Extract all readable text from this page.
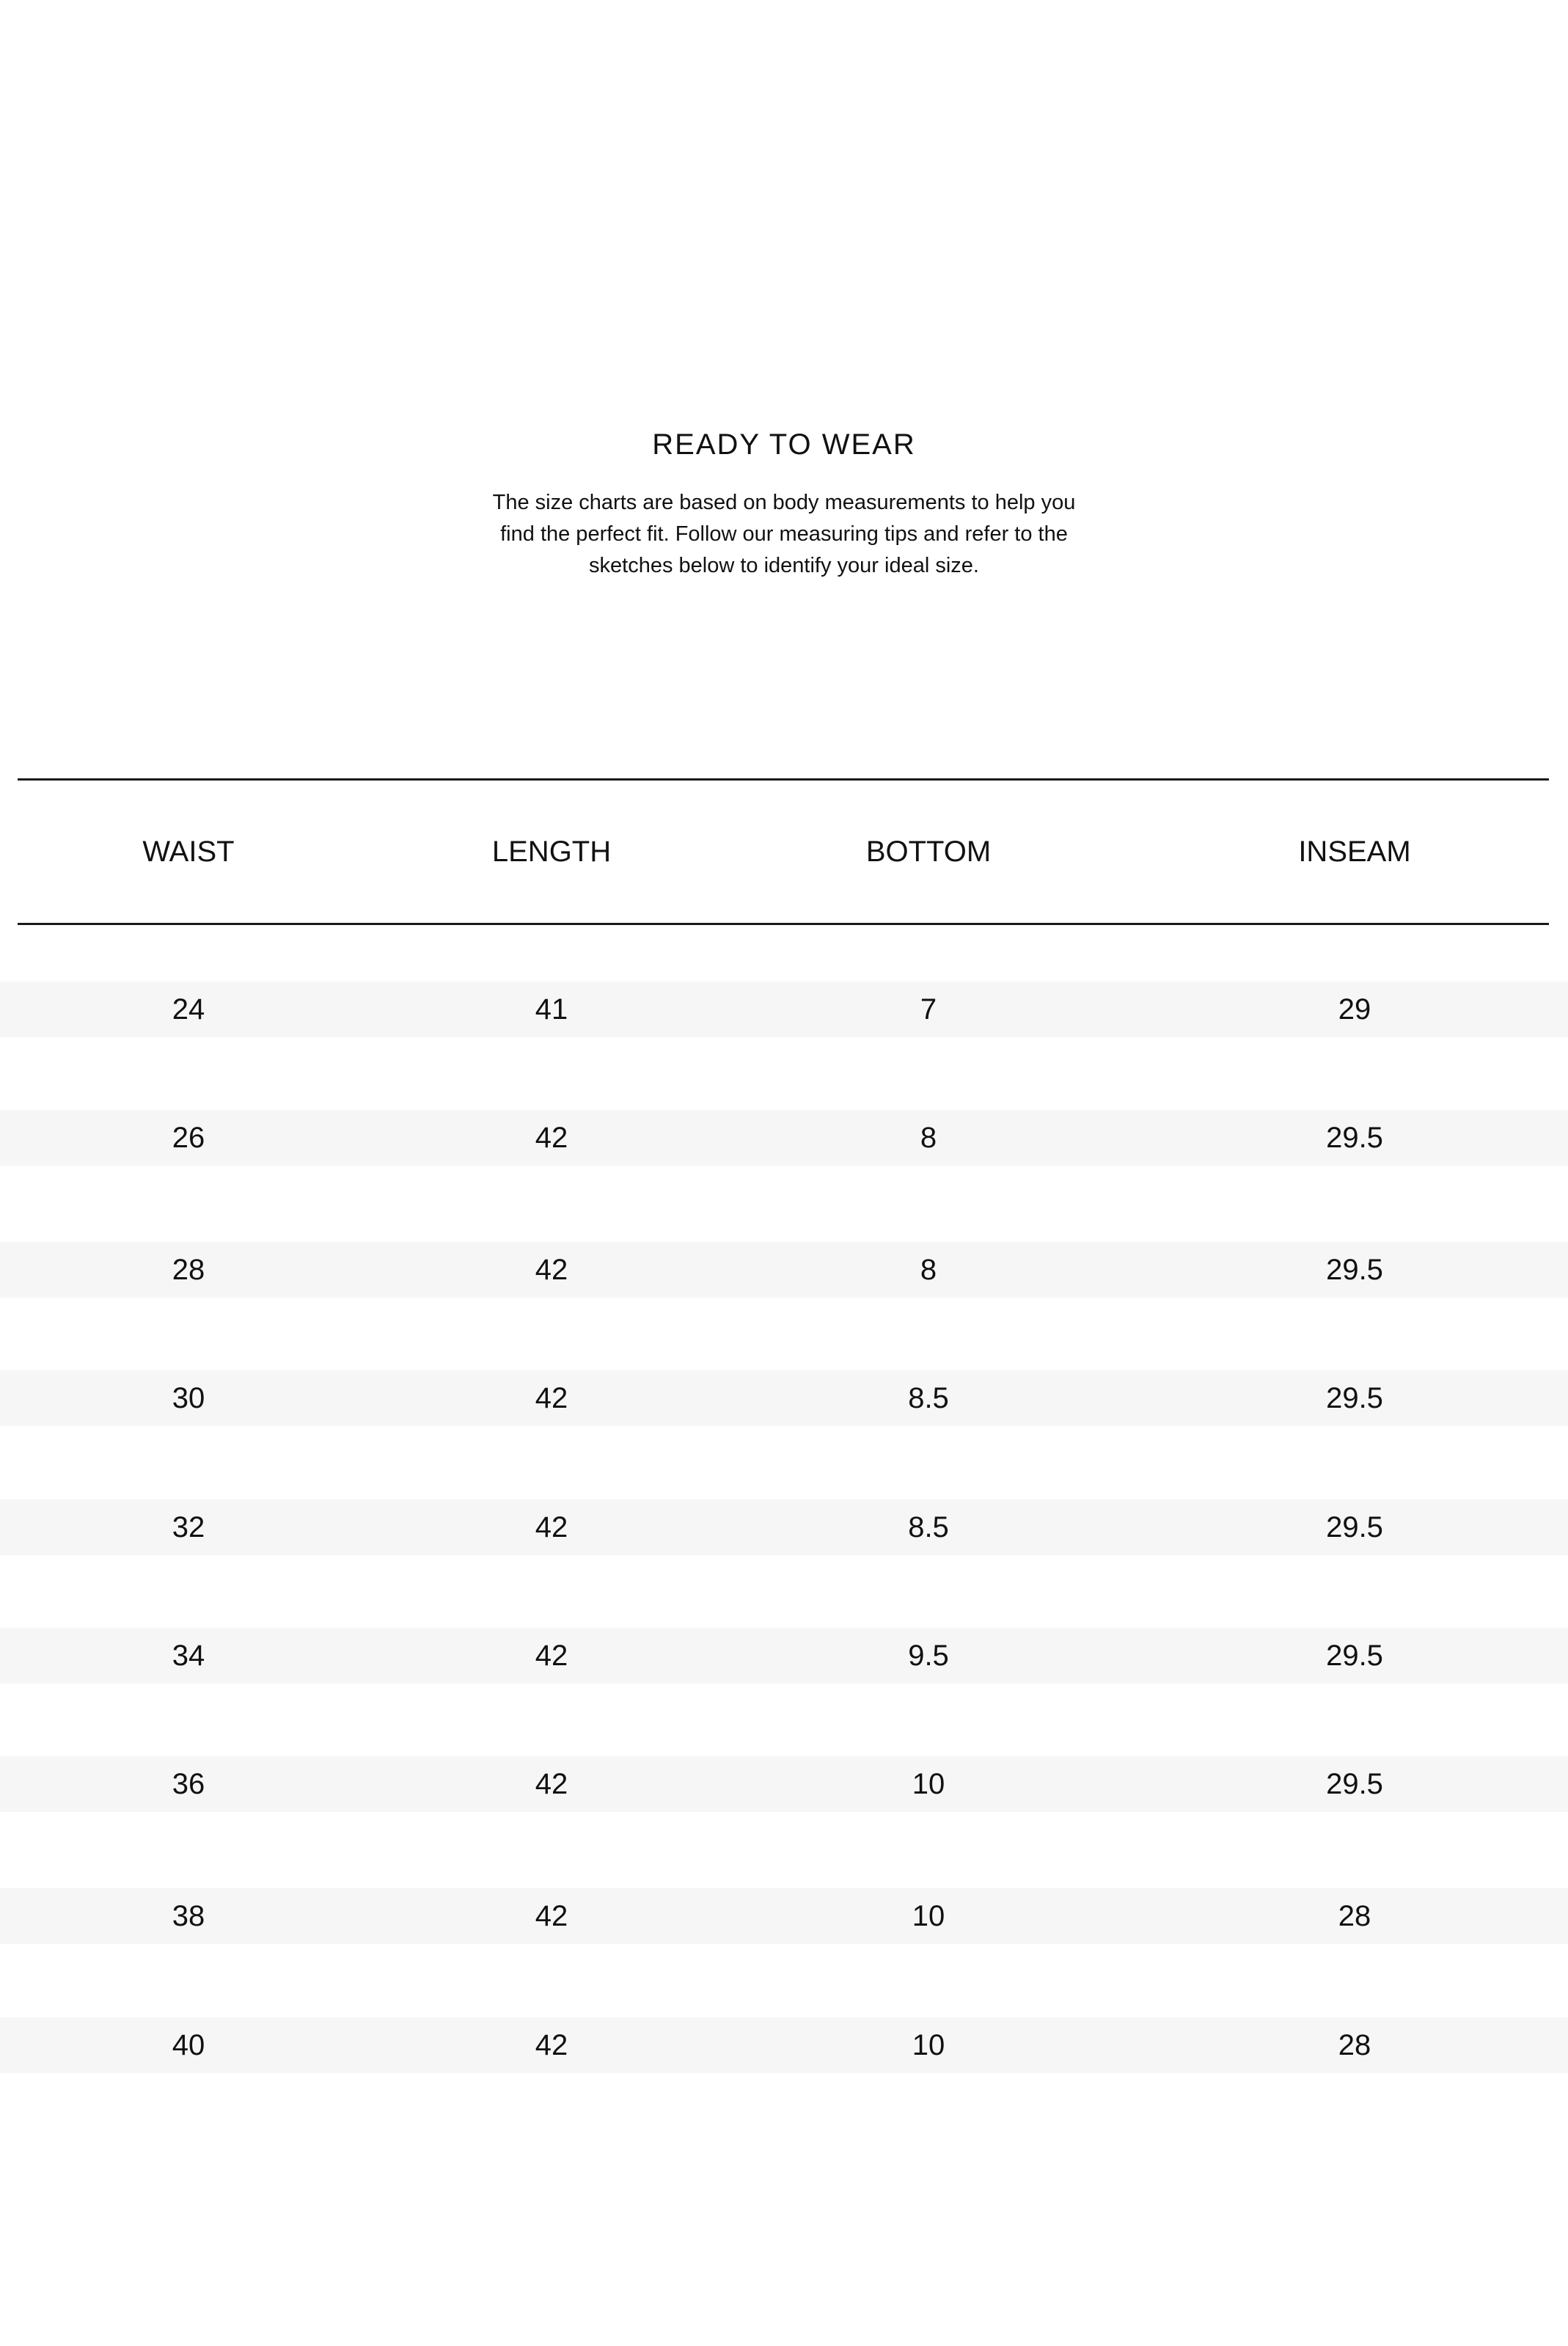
READY TO WEAR
The size charts are based on body measurements to help you find the perfect fit. Follow our measuring tips and refer to the sketches below to identify your ideal size.
WAIST	LENGTH	BOTTOM	INSEAM
24	41	7	29
26	42	8	29.5
28	42	8	29.5
30	42	8.5	29.5
32	42	8.5	29.5
34	42	9.5	29.5
36	42	10	29.5
38	42	10	28
40	42	10	28
